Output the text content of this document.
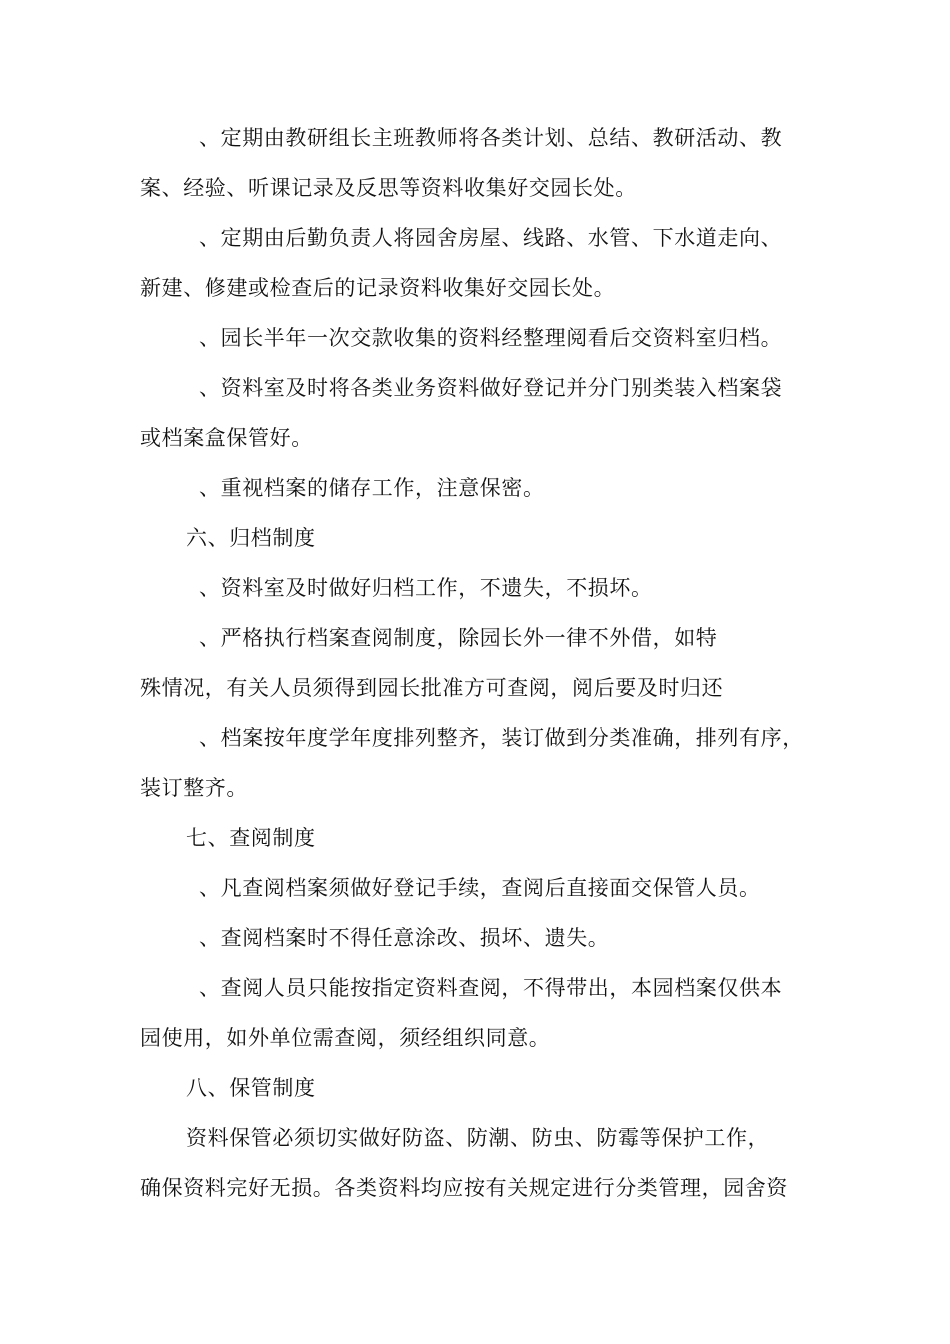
、定期由教研组长主班教师将各类计划、总结、教研活动、教
案、经验、听课记录及反思等资料收集好交园长处。
、定期由后勤负责人将园舍房屋、线路、水管、下水道走向、
新建、修建或检查后的记录资料收集好交园长处。
、园长半年一次交款收集的资料经整理阅看后交资料室归档。
、资料室及时将各类业务资料做好登记并分门别类装入档案袋
或档案盒保管好。
、重视档案的储存工作，注意保密。
六、归档制度
、资料室及时做好归档工作，不遗失，不损坏。
、严格执行档案查阅制度，除园长外一律不外借，如特
殊情况，有关人员须得到园长批准方可查阅，阅后要及时归还
、档案按年度学年度排列整齐，装订做到分类准确，排列有序，
装订整齐。
七、查阅制度
、凡查阅档案须做好登记手续，查阅后直接面交保管人员。
、查阅档案时不得任意涂改、损坏、遗失。
、查阅人员只能按指定资料查阅，不得带出，本园档案仅供本
园使用，如外单位需查阅，须经组织同意。
八、保管制度
资料保管必须切实做好防盗、防潮、防虫、防霉等保护工作，
确保资料完好无损。各类资料均应按有关规定进行分类管理，园舍资
